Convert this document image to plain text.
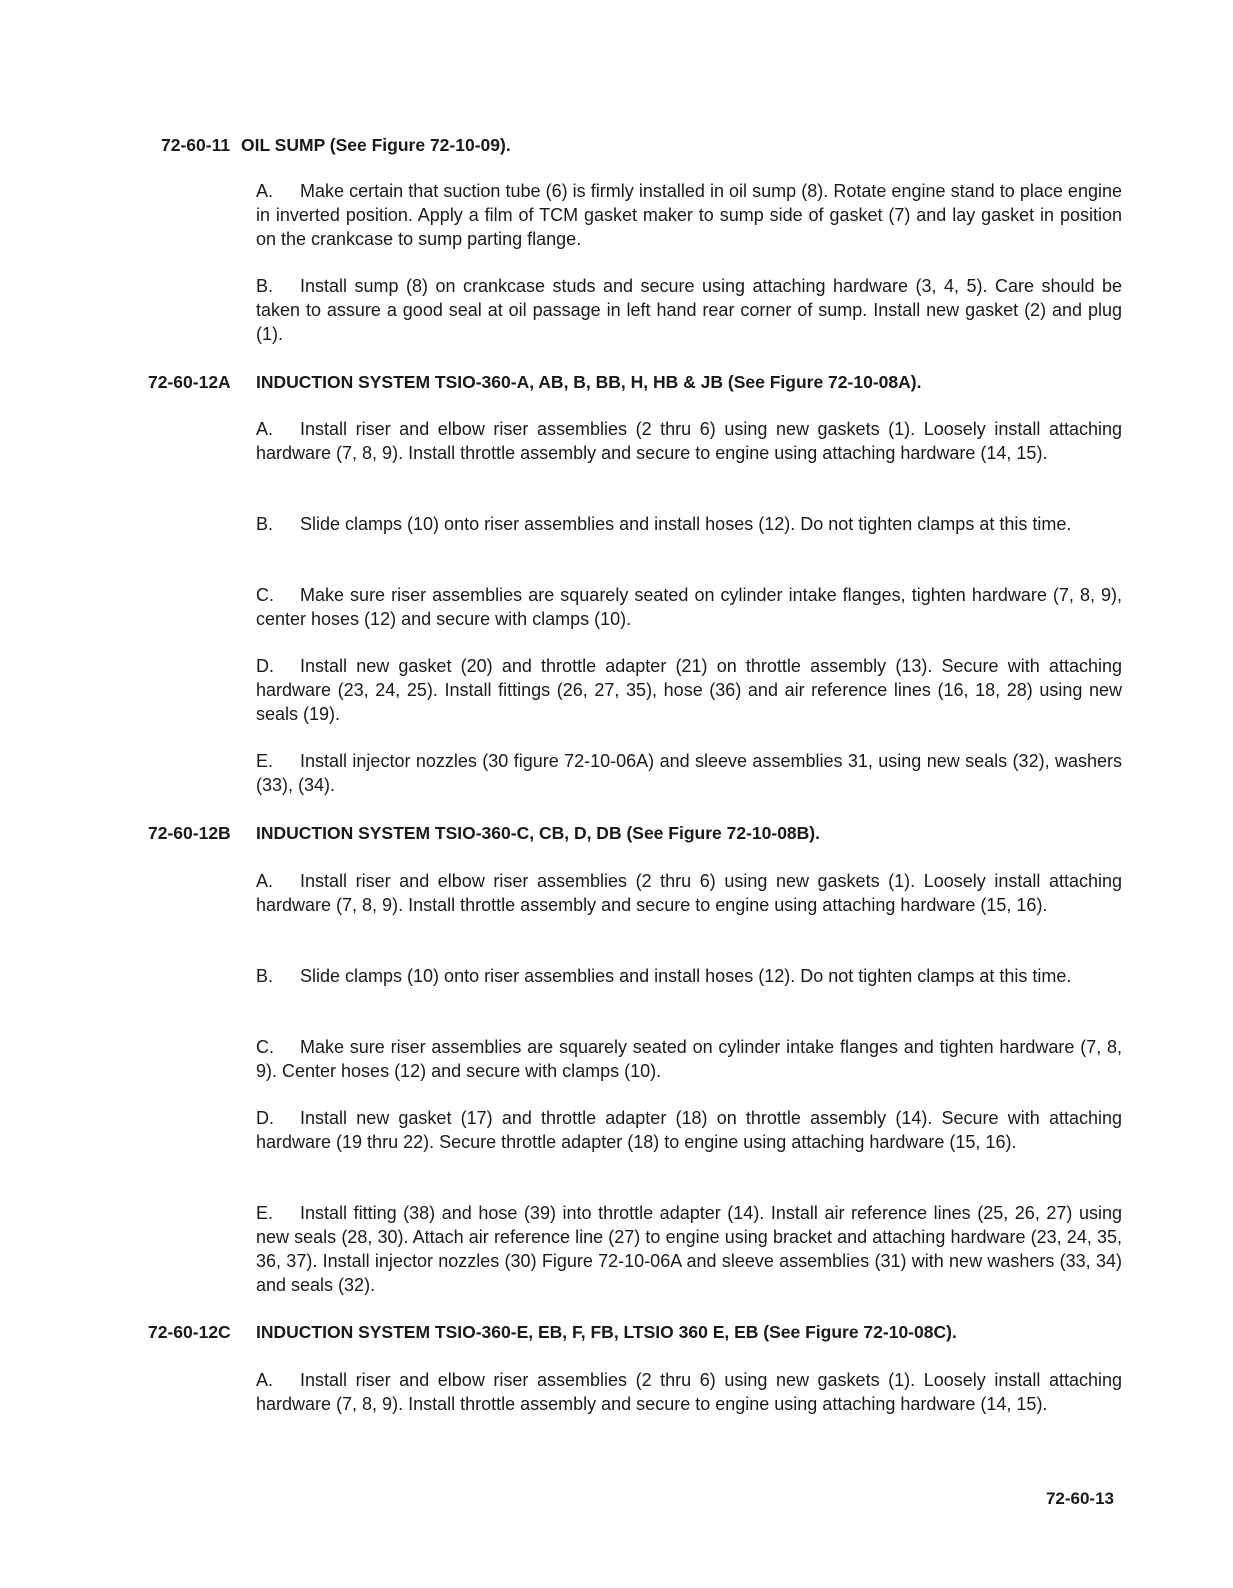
72-60-11 OIL SUMP (See Figure 72-10-09).

A. Make certain that suction tube (6) is firmly installed in oil sump (8). Rotate engine stand to place engine in inverted position. Apply a film of TCM gasket maker to sump side of gasket (7) and lay gasket in position on the crankcase to sump parting flange.

B. Install sump (8) on crankcase studs and secure using attaching hardware (3, 4, 5). Care should be taken to assure a good seal at oil passage in left hand rear corner of sump. Install new gasket (2) and plug (1).

72-60-12A INDUCTION SYSTEM TSIO-360-A, AB, B, BB, H, HB & JB (See Figure 72-10-08A).

A. Install riser and elbow riser assemblies (2 thru 6) using new gaskets (1). Loosely install attaching hardware (7, 8, 9). Install throttle assembly and secure to engine using attaching hardware (14, 15).

B. Slide clamps (10) onto riser assemblies and install hoses (12). Do not tighten clamps at this time.

C. Make sure riser assemblies are squarely seated on cylinder intake flanges, tighten hardware (7, 8, 9), center hoses (12) and secure with clamps (10).

D. Install new gasket (20) and throttle adapter (21) on throttle assembly (13). Secure with attaching hardware (23, 24, 25). Install fittings (26, 27, 35), hose (36) and air reference lines (16, 18, 28) using new seals (19).

E. Install injector nozzles (30 figure 72-10-06A) and sleeve assemblies 31, using new seals (32), washers (33), (34).

72-60-12B INDUCTION SYSTEM TSIO-360-C, CB, D, DB (See Figure 72-10-08B).

A. Install riser and elbow riser assemblies (2 thru 6) using new gaskets (1). Loosely install attaching hardware (7, 8, 9). Install throttle assembly and secure to engine using attaching hardware (15, 16).

B. Slide clamps (10) onto riser assemblies and install hoses (12). Do not tighten clamps at this time.

C. Make sure riser assemblies are squarely seated on cylinder intake flanges and tighten hardware (7, 8, 9). Center hoses (12) and secure with clamps (10).

D. Install new gasket (17) and throttle adapter (18) on throttle assembly (14). Secure with attaching hardware (19 thru 22). Secure throttle adapter (18) to engine using attaching hardware (15, 16).

E. Install fitting (38) and hose (39) into throttle adapter (14). Install air reference lines (25, 26, 27) using new seals (28, 30). Attach air reference line (27) to engine using bracket and attaching hardware (23, 24, 35, 36, 37). Install injector nozzles (30) Figure 72-10-06A and sleeve assemblies (31) with new washers (33, 34) and seals (32).

72-60-12C INDUCTION SYSTEM TSIO-360-E, EB, F, FB, LTSIO 360 E, EB (See Figure 72-10-08C).

A. Install riser and elbow riser assemblies (2 thru 6) using new gaskets (1). Loosely install attaching hardware (7, 8, 9). Install throttle assembly and secure to engine using attaching hardware (14, 15).

72-60-13
